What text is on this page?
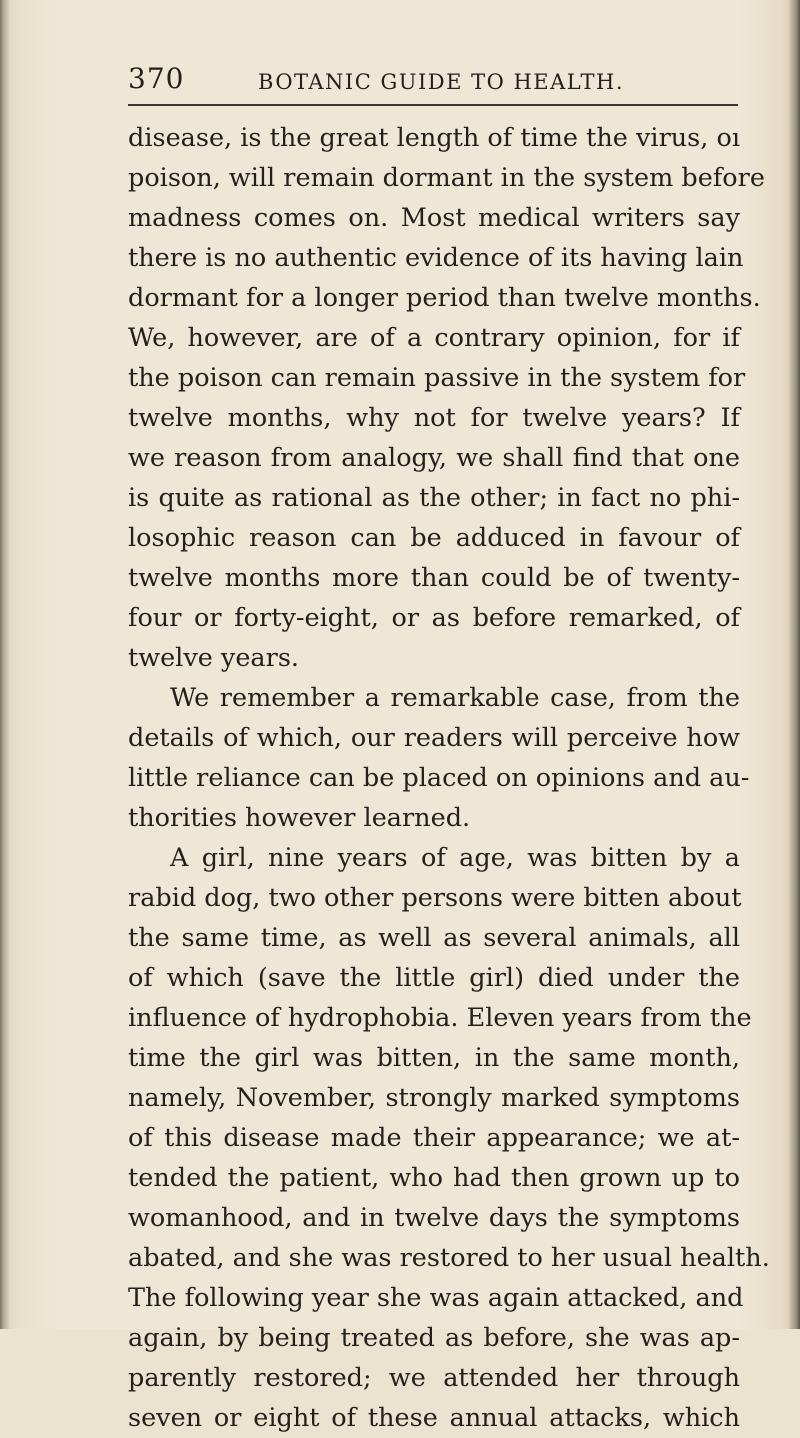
370	BOTANIC GUIDE TO HEALTH.
disease, is the great length of time the virus, oı
poison, will remain dormant in the system before
madness comes on. Most medical writers say
there is no authentic evidence of its having lain
dormant for a longer period than twelve months.
We, however, are of a contrary opinion, for if
the poison can remain passive in the system for
twelve months, why not for twelve years? If
we reason from analogy, we shall find that one
is quite as rational as the other; in fact no phi-
losophic reason can be adduced in favour of
twelve months more than could be of twenty-
four or forty-eight, or as before remarked, of
twelve years.
We remember a remarkable case, from the
details of which, our readers will perceive how
little reliance can be placed on opinions and au-
thorities however learned.
A girl, nine years of age, was bitten by a
rabid dog, two other persons were bitten about
the same time, as well as several animals, all
of which (save the little girl) died under the
influence of hydrophobia. Eleven years from the
time the girl was bitten, in the same month,
namely, November, strongly marked symptoms
of this disease made their appearance; we at-
tended the patient, who had then grown up to
womanhood, and in twelve days the symptoms
abated, and she was restored to her usual health.
The following year she was again attacked, and
again, by being treated as before, she was ap-
parently restored; we attended her through
seven or eight of these annual attacks, which
